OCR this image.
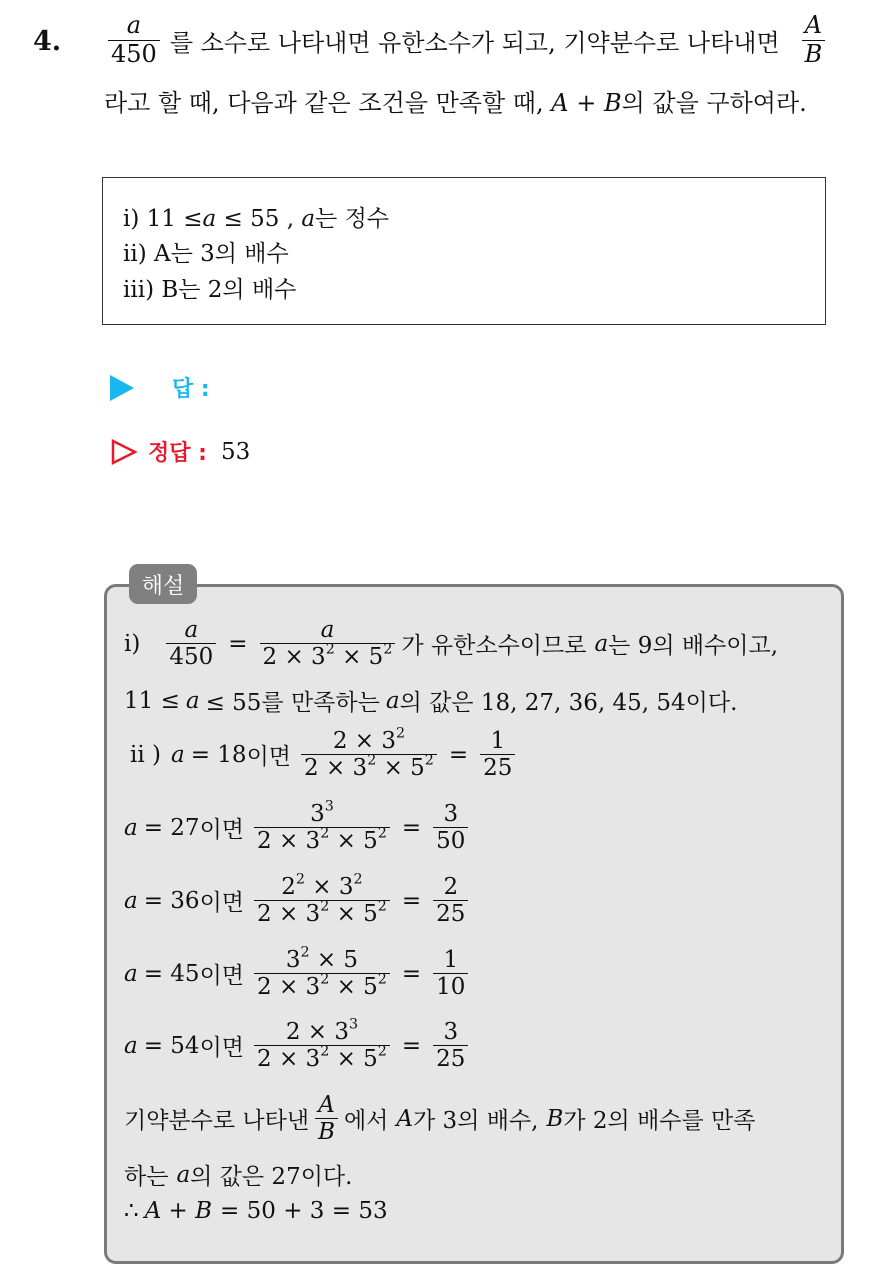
4. $\frac{a}{450}$ 를 소수로 나타내면 유한소수가 되고, 기약분수로 나타내면 $\frac{A}{B}$
라고 할 때, 다음과 같은 조건을 만족할 때, A + B의 값을 구하여라.
i) 11 ≤a ≤ 55 , a는 정수
ii) A는 3의 배수
iii) B는 2의 배수
답 :
정답 : 53
해설
$i) \frac{a}{450} = \frac{a}{2 \times 3^2 \times 5^2}$ 가 유한소수이므로 a 는 9의 배수이고,
11 ≤ a ≤ 55를 만족하는 a 의 값은 18, 27, 36, 45, 54이다.
ii ) a = 18 이면 $\frac{2 \times 3^2}{2 \times 3^2 \times 5^2} = \frac{1}{25}$
a = 27 이면 $\frac{3^3}{2 \times 3^2 \times 5^2} = \frac{3}{50}$
a = 36 이면 $\frac{2^2 \times 3^2}{2 \times 3^2 \times 5^2} = \frac{2}{25}$
a = 45 이면 $\frac{3^2 \times 5}{2 \times 3^2 \times 5^2} = \frac{1}{10}$
a = 54 이면 $\frac{2 \times 3^3}{2 \times 3^2 \times 5^2} = \frac{3}{25}$
기약분수로 나타낸 $\frac{A}{B}$ 에서 A 가 3의 배수, B 가 2의 배수를 만족
하는 a 의 값은 27이다.
∴ A + B = 50 + 3 = 53
